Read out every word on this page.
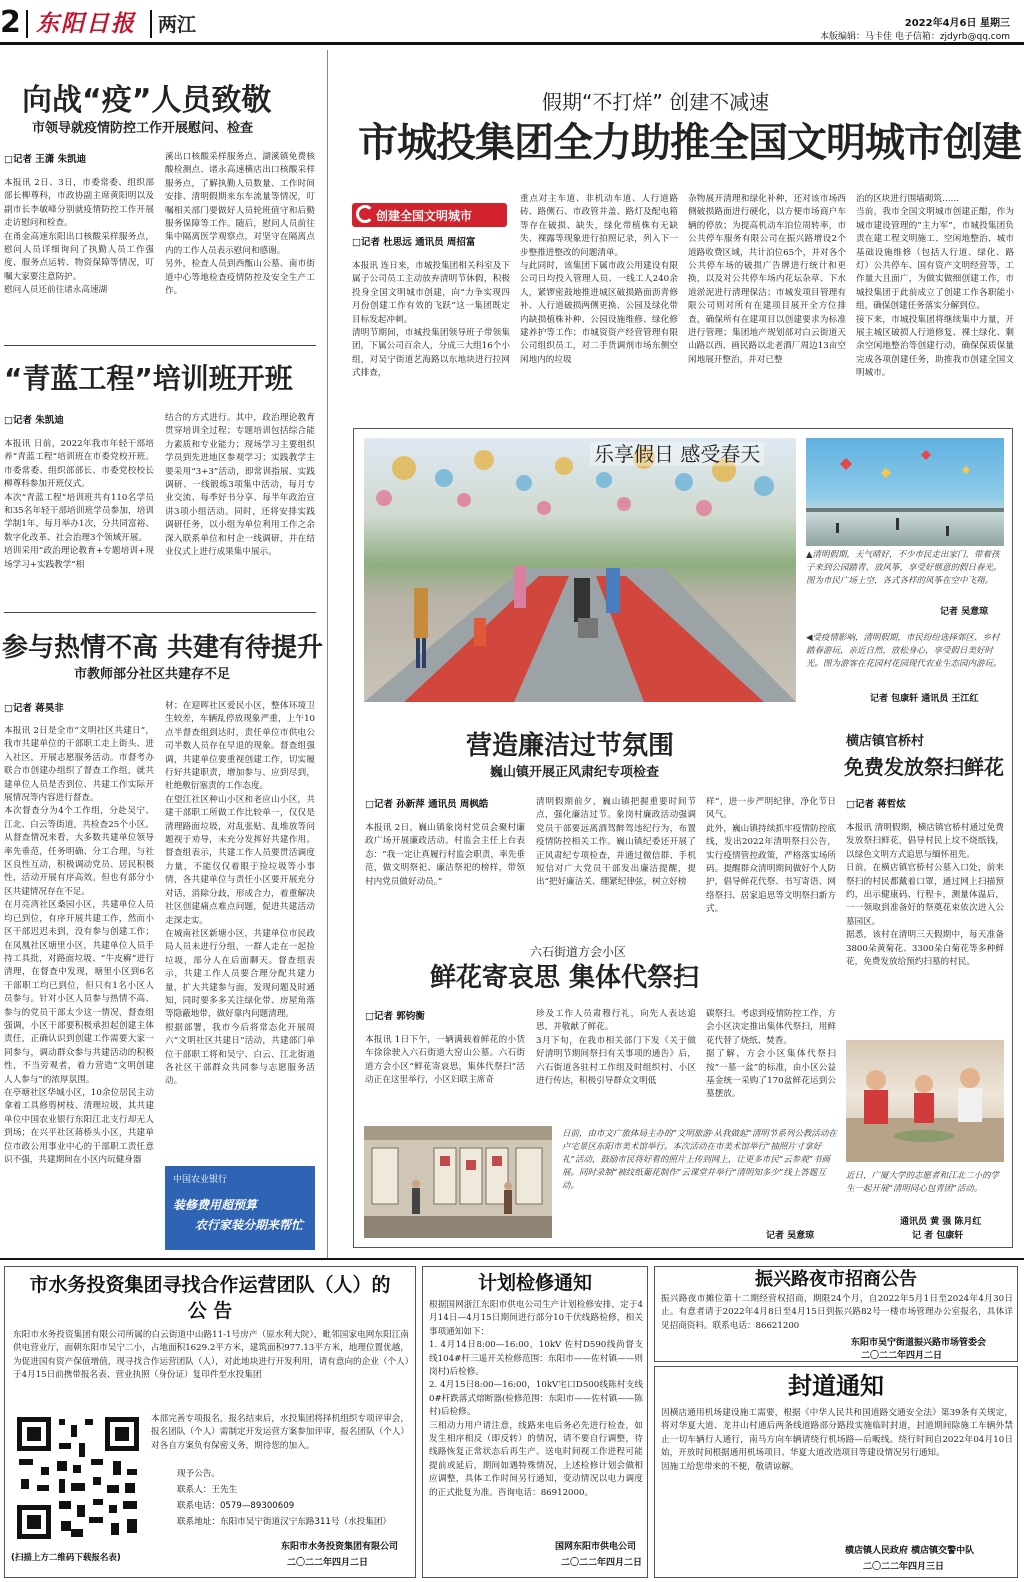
2 东阳日报 两江	2022年4月6日 星期三
本版编辑：马卡佳 电子信箱：zjdyrb@qq.com
向战“疫”人员致敬
市领导就疫情防控工作开展慰问、检查
□记者 王潇 朱凯迪
本报讯 2日、3日，市委常委、组织部部长柳尊科，市政协副主席黄阳明以及副市长李敏峰分别就疫情防控工作开展走访慰问和检查。
在甬金高速东阳出口核酸采样服务点，慰问人员详细询问了执勤人员工作强度、服务点运转、物资保障等情况，叮嘱大家要注意防护。
慰问人员还前往诸永高速湖
溪出口核酸采样服务点、湖溪镇免费核酸检测点、诸永高速横店出口核酸采样服务点，了解执勤人员数量、工作时间安排、清明假期来东车流量等情况，叮嘱相关部门要做好人员轮班值守和后勤服务保障等工作。随后，慰问人员前往集中隔离医学观察点，对坚守在隔离点内的工作人员表示慰问和感谢。
另外，检查人员到西甑山公墓、南市街道中心等地检查疫情防控及安全生产工作。
“青蓝工程”培训班开班
□记者 朱凯迪
本报讯 日前，2022年我市年轻干部培养“青蓝工程”培训班在市委党校开班。市委常委、组织部部长、市委党校校长柳尊科参加开班仪式。
本次“青蓝工程”培训班共有110名学员和35名年轻干部培训班学员参加，培训学制1年，每月举办1次，分共同富裕、数字化改革、社会治理3个领域开展。
培训采用“政治理论教育+专题培训+现场学习+实践教学”相
结合的方式进行。其中，政治理论教育贯穿培训全过程；专题培训包括综合能力素质和专业能力；现场学习主要组织学员到先进地区参观学习；实践教学主要采用“3+3”活动，即常训指展、实践调研、一线锻炼3项集中活动，每月专业交流、每季好书分享、每半年政治宣讲3项小组活动。同时，还将安排实践调研任务，以小组为单位利用工作之余深入联系单位和村企一线调研，并在结业仪式上进行成果集中展示。
参与热情不高 共建有待提升
市教师部分社区共建存不足
□记者 蒋昊非
本报讯 2日是全市“文明社区共建日”，我市共建单位的干部职工走上街头、进入社区，开展志愿服务活动。市督考办联合市创建办组织了督查工作组，就共建单位人员是否到位、共建工作实际开展情况等内容进行督查。
本次督查分为4个工作组，分赴吴宁、江北、白云等街道，共检查25个小区。从督查情况来看，大多数共建单位领导率先垂范，任务明确、分工合理，与社区良性互动，积极调动党员、居民积极性，活动开展有序高效。但也有部分小区共建情况存在不足。
在月亮湾社区桑园小区，共建单位人员均已到位，有序开展共建工作，然而小区干部迟迟未到，没有参与创建工作；在凤凰社区塘里小区，共建单位人员手持工具批，对路面垃圾、“牛皮癣”进行清理，在督查中发现，塘里小区到6名干部职工均已到位，但只有1名小区人员参与。针对小区人员参与热情不高、参与的党员干部太少这一情况，督查组强调，小区干部要积极承担起创建主体责任，正确认识到创建工作需要大家一同参与，调动群众参与共建活动的积极性，不当旁观者，着力营造“文明创建人人参与”的浓厚氛围。
在亭塘社区华城小区，10余位居民主动拿着工具修剪树枝、清理垃圾，其共建单位中国农业银行东阳江北支行却无人到场；在兴平社区蒋桥头小区，共建单位市政公用事业中心的干部职工责任意识不强，共建期间在小区内玩健身器
材；在迎晖社区爱民小区，整体环境卫生较差，车辆乱停放现象严重，上午10点半督查组到达时，责任单位市供电公司半数人员存在早退的现象。督查组强调，共建单位要重视创建工作，切实履行好共建职责，增加参与、应到尽到，杜绝敷衍塞责的工作态度。
在望江社区种山小区和老应山小区，共建干部职工所做工作比较单一，仅仅是清理路面垃圾，对乱张贴、乱堆放等问题视于劝导，未充分发挥好共建作用。督查组表示，共建工作人员要贯活调度力量，不能仅仅着眼于捡垃圾等小事情，各共建单位与责任小区要开展充分对话，消除分歧，形成合力，着重解决社区创建痛点难点问题，促进共建活动走深走实。
在城南社区新塘小区，共建单位市民政局人员未进行分组，一群人走在一起捡垃圾，部分人在后面聊天。督查组表示，共建工作人员要合理分配共建力量，扩大共建参与面，发现问题及时通知，同时要多多关注绿化带、房屋角落等隐蔽地带，做好靠内问题清理。
根据部署，我市今后将常态化开展周六“文明社区共建日”活动，共建部门单位干部职工将和吴宁、白云、江北街道各社区干部群众共同参与志愿服务活动。
中国农业银行
装修费用超预算
农行家装分期来帮忙
假期“不打烊” 创建不减速
市城投集团全力助推全国文明城市创建
创建全国文明城市
□记者 杜思远 通讯员 周招富
本报讯 连日来，市城投集团相关科室及下属子公司员工主动放弃清明节休假，积极投身全国文明城市创建，向“力争实现四月份创建工作有效的飞跃”这一集团既定目标发起冲刺。
清明节期间，市城投集团领导班子带领集团，下属公司百余人，分成三大组16个小组，对吴宁街道艺海路以东地块进行拉网式排查，
重点对主车道、非机动车道、人行道路砖、路侧石、市政管井盖、路灯及配电箱等存在破损、缺失，绿化带植株有无缺失、裸露等现象进行拍照记录，列入下一步整推进整改的问题清单。
与此同时，该集团下属市政公用建设有限公司日均投入管理人员、一线工人240余人，紧锣密鼓地推进城区破损路面沥青修补、人行道破损两侧更换、公园及绿化带内缺损植株补种、公园设施维修、绿化修建养护等工作；市城资资产经营管理有限公司组织员工，对二手货调剂市场东侧空闲地内的垃圾
杂物展开清理和绿化补种，还对该市场西侧破损路面进行硬化，以方便市场商户车辆的停放；为提高机动车泊位周转率，市公共停车服务有限公司在振兴路增设2个道路收费区域，共计泊位65个，并对各个公共停车场的破损广告牌进行统计和更换，以及对公共停车场内花坛杂草、下水道淤泥进行清理保洁；市城发项目管理有限公司则对所有在建项目展开全方位排查，确保所有在建项目以创建要求为标准进行管理；集团地产规划部对白云街道天山路以西、画民路以北老酒厂周边13亩空闲地展开整治，并对已整
治的区块进行围墙砌筑……
当前，我市全国文明城市创建正酣，作为城市建设管理的“主力军”，市城投集团负责在建工程文明施工、空闲地整治、城市基础设施维修（包括人行道、绿化、路灯）公共停车、国有资产文明经营等，工作量大且面广，为做实做细创建工作，市城投集团于此前成立了创建工作各职能小组，确保创建任务落实分解到位。
接下来，市城投集团将继续集中力量，开展主城区破损人行道修复、裸土绿化、剩余空闲地整治等创建行动，确保保质保量完成各项创建任务，助推我市创建全国文明城市。
乐享假日 感受春天
▲清明假期，天气晴好，不少市民走出家门，带着孩子来到公园踏青、放风筝，享受好惬意的假日春光。图为市民广场上空，各式各样的风筝在空中飞翔。
记者 吴意琼
◀受疫情影响，清明假期，市民纷纷选择郊区、乡村踏春游玩，亲近自然，放松身心，享受假日美好时光。图为游客在花园村花园现代农业生态园内游玩。
记者 包康轩 通讯员 王江红
营造廉洁过节氛围
巍山镇开展正风肃纪专项检查
□记者 孙新萍 通讯员 周枫皓
本报讯 2日，巍山镇象岗村党员会聚村廉政广场开展廉政活动。村监会主任上台表态：“我一定让真履行村监会职责，率先垂范，做文明祭祀、廉洁祭祀的榜样，带领村内党员做好动员。”
清明假期前夕，巍山镇把握重要时间节点，强化廉洁过节。象岗村廉政活动强调党员干部要远离酒驾醉驾违纪行为，布置疫情防控相关工作。巍山镇纪委还开展了正风肃纪专项检查，并通过微信群、手机短信对广大党员干部发出廉洁提醒，提出“把好廉洁关、绷紧纪律弦，树立好榜
样”，进一步严明纪律，净化节日风气。
此外，巍山镇持续抓牢疫情防控底线，发出2022年清明祭扫公告，实行疫情管控政策，严格落实场所码。提醒群众清明期间做好个人防护，倡导鲜花代祭、书写寄语、网络祭扫、居家追思等文明祭扫新方式。
横店镇官桥村
免费发放祭扫鲜花
□记者 蒋哲炫
本报讯 清明假期，横店镇官桥村通过免费发放祭扫鲜花，倡导村民上坟不烧纸钱，以绿色文明方式追思与缅怀祖先。
日前，在横店镇官桥村公墓入口处，前来祭扫的村民都戴着口罩，通过网上扫描预约，出示健康码、行程卡，测量体温后，一一领取到准备好的祭奠花束依次进入公墓园区。
据悉，该村在清明三天假期中，每天准备3800朵黄菊花、3300朵白菊花等多种鲜花，免费发放给预约扫墓的村民。
六石街道方会小区
鲜花寄哀思 集体代祭扫
□记者 郭钧衡
本报讯 1日下午，一辆满载着鲜花的小货车徐徐驶入六石街道大窑山公墓。六石街道方会小区“鲜花寄哀思，集体代祭扫”活动正在这里举行，小区妇联主席奇
珍及工作人员肃穆行礼，向先人表达追思，并敬献了鲜花。
3月下旬，在我市相关部门下发《关于做好清明节期间祭扫有关事项的通告》后，六石街道各驻村工作组及时组织村、小区进行传达，积极引导群众文明低
碳祭扫。考虑到疫情防控工作，方会小区决定推出集体代祭扫，用鲜花代替了烧纸、焚香。
据了解，方会小区集体代祭扫按“一墓一盆”的标准，由小区公益基金统一采购了170盆鲜花运到公墓摆放。
近日，广厦大学的志愿者和江北二小的学生一起开展“清明同心包青团”活动。
通讯员 黄 强 陈月红
记 者 包康轩
日前，由市文广旅体局主办的“文明旅游·从我做起”清明节系列公教活动在卢宅景区东阳市美术馆举行。本次活动在市美术馆举行“抽照片寸拿好礼”活动，鼓励市民将好看的照片上传到网上，让更多市民“云参观”书画展。同时录制“被纹纸葡花制作”云课堂并举行“清明知多少”线上答题互动。
记者 吴意琼
市水务投资集团寻找合作运营团队（人）的
公 告
东阳市水务投资集团有限公司所属的白云街道中山路11-1号房产（原水利大院），毗邻国家电网东阳江南供电营业厅，面朝东阳市吴宁二小，占地面积1629.2平方米，建筑面积977.13平方米，地理位置优越，为促进国有资产保值增值，现寻找合作运营团队（人），对此地块进行开发利用，请有意向的企业（个人）于4月15日前携带报名表、营业执照（身份证）复印件至水投集团
(扫描上方二维码下载报名表)
本部完善专项报名，报名结束后，水投集团将择机组织专项评审会，报名团队（个人）需制定开发运营方案参加评审，报名团队（个人）对各自方案负有保密义务，期待您的加入。
现予公告。
联系人：王先生
联系电话：0579—89300609
联系地址：东阳市吴宁街道汉宁东路311号（水投集团）
东阳市水务投资集团有限公司
二〇二二年四月二日
计划检修通知
根据国网浙江东阳市供电公司生产计划检修安排，定于4月14日—4月15日期间进行部分10千伏线路检修，相关事项通知如下：
1. 4月14日8:00—16:00，10kV 佐村D590线尚督支线104#杆三遥开关检修范围：东阳市——佐村镇——则岗村)后检修。
2. 4月15日8:00—16:00，10kV宅口D500线陈村支线0#杆跌落式熔断器(检修范围：东阳市——佐村镇——陈村)后检修。
三相动力用户请注意，线路来电后务必先进行检查，如发生相序相反（即反转）的情况，请不要自行调整，待线路恢复正常状态后再生产。送电时间视工作进程可能提前或延后，期间如遇特殊情况，上述检修计划会做相应调整，具体工作时间另行通知，变动情况以电力调度的正式批复为准。咨询电话：86912000。
国网东阳市供电公司
二〇二二年四月二日
振兴路夜市招商公告
振兴路夜市摊位第十二期经营权招商，期限24个月，自2022年5月1日至2024年4月30日止。有意者请于2022年4月8日至4月15日到振兴路82号一楼市场管理办公室报名，具体详见招商资料。联系电话：86621200
东阳市吴宁街道振兴路市场管委会
二〇二二年四月二日
封道通知
因横店通用机场建设施工需要，根据《中华人民共和国道路交通安全法》第39条有关规定，将对华夏大道、龙井山村通后两条线道路部分路段实施临时封道，封道期间除施工车辆外禁止一切车辆行人通行，南马方向车辆请绕行机场路—后畈线。绕行时间自2022年04月10日始，开放时间根据通用机场项目、华夏大道改造项目等建设情况另行通知。
因施工给您带来的不便，敬请谅解。
横店镇人民政府 横店镇交警中队
二〇二二年四月三日
